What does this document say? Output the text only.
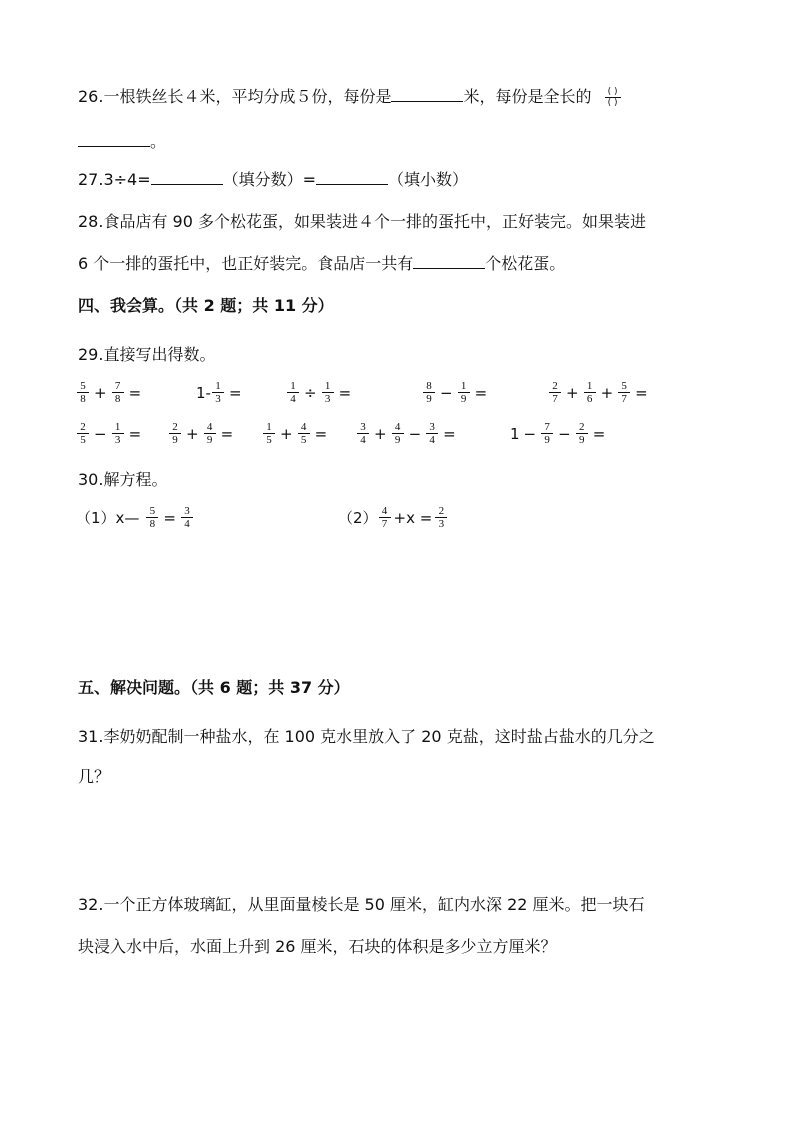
26.一根铁丝长４米，平均分成５份，每份是	米，每份是全长的 ( )
( )
。
27.3÷4=	（填分数）=	（填小数）
28.食品店有 90 多个松花蛋，如果装进４个一排的蛋托中，正好装完。如果装进
6 个一排的蛋托中，也正好装完。食品店一共有	个松花蛋。
四、我会算。（共 2 题；共 11 分）
29.直接写出得数。
$\frac{5}{8} + \frac{7}{8}$ =	$1- \frac{1}{3}$ =	$\frac{1}{4} \div \frac{1}{3}$ =	$\frac{8}{9} - \frac{1}{9}$ =	$\frac{2}{7} + \frac{1}{6} + \frac{5}{7}$ =
$\frac{2}{5} - \frac{1}{3}$ =	$\frac{2}{9} + \frac{4}{9}$ =	$\frac{1}{5} + \frac{4}{5}$ =	$\frac{3}{4} + \frac{4}{9} - \frac{3}{4}$ =	$1 - \frac{7}{9} - \frac{2}{9}$ =
30.解方程。
（1）x— $\frac{5}{8} = \frac{3}{4}$	$(2) \frac{4}{7} +x = \frac{2}{3}$
五、解决问题。（共 6 题；共 37 分）
31.李奶奶配制一种盐水，在 100 克水里放入了 20 克盐，这时盐占盐水的几分之
几？
32.一个正方体玻璃缸，从里面量棱长是 50 厘米，缸内水深 22 厘米。把一块石
块浸入水中后，水面上升到 26 厘米，石块的体积是多少立方厘米？
